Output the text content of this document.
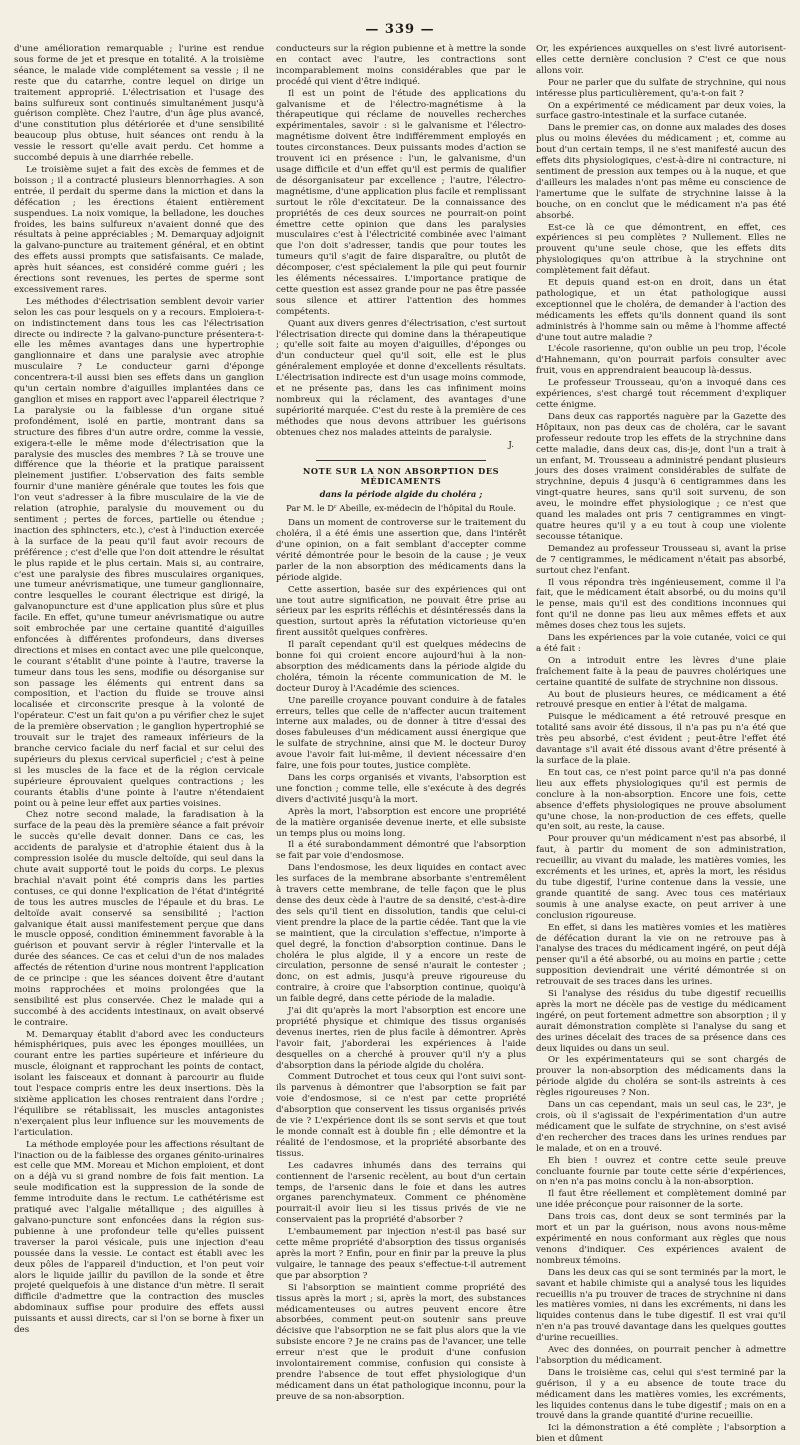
— 339 —

d'une amélioration remarquable ; l'urine est rendue sous forme de jet et presque en totalité. A la troisième séance, le malade vide complétement sa vessie ; il ne reste que du catarrhe, contre lequel on dirige un traitement approprié. L'électrisation et l'usage des bains sulfureux sont continués simultanément jusqu'à guérison complète. Chez l'autre, d'un âge plus avancé, d'une constitution plus détériorée et d'une sensibilité beaucoup plus obtuse, huit séances ont rendu à la vessie le ressort qu'elle avait perdu. Cet homme a succombé depuis à une diarrhée rebelle.

Le troisième sujet a fait des excès de femmes et de boisson ; il a contracté plusieurs blennorrhagies. A son entrée, il perdait du sperme dans la miction et dans la défécation ; les érections étaient entièrement suspendues. La noix vomique, la belladone, les douches froides, les bains sulfureux n'avaient donné que des résultats à peine appréciables ; M. Demarquay adjoignit la galvano-puncture au traitement général, et en obtint des effets aussi prompts que satisfaisants. Ce malade, après huit séances, est considéré comme guéri ; les érections sont revenues, les pertes de sperme sont excessivement rares.

Les méthodes d'électrisation semblent devoir varier selon les cas pour lesquels on y a recours. Emploiera-t-on indistinctement dans tous les cas l'électrisation directe ou indirecte ? la galvano-puncture présentera-t-elle les mêmes avantages dans une hypertrophie ganglionnaire et dans une paralysie avec atrophie musculaire ? Le conducteur garni d'éponge concentrera-t-il aussi bien ses effets dans un ganglion qu'un certain nombre d'aiguilles implantées dans ce ganglion et mises en rapport avec l'appareil électrique ? La paralysie ou la faiblesse d'un organe situé profondément, isolé en partie, montrant dans sa structure des fibres d'un autre ordre, comme la vessie, exigera-t-elle le même mode d'électrisation que la paralysie des muscles des membres ? Là se trouve une différence que la théorie et la pratique paraissent pleinement justifier. L'observation des faits semble fournir d'une manière générale que toutes les fois que l'on veut s'adresser à la fibre musculaire de la vie de relation (atrophie, paralysie du mouvement ou du sentiment ; pertes de forces, partielle ou étendue ; inaction des sphincters, etc.), c'est à l'induction exercée à la surface de la peau qu'il faut avoir recours de préférence ; c'est d'elle que l'on doit attendre le résultat le plus rapide et le plus certain. Mais si, au contraire, c'est une paralysie des fibres musculaires organiques, une tumeur anévrismatique, une tumeur ganglionnaire, contre lesquelles le courant électrique est dirigé, la galvanopuncture est d'une application plus sûre et plus facile. En effet, qu'une tumeur anévrismatique ou autre soit embrochée par une certaine quantité d'aiguilles enfoncées à différentes profondeurs, dans diverses directions et mises en contact avec une pile quelconque, le courant s'établit d'une pointe à l'autre, traverse la tumeur dans tous les sens, modifie ou désorganise sur son passage les éléments qui entrent dans sa composition, et l'action du fluide se trouve ainsi localisée et circonscrite presque à la volonté de l'opérateur. C'est un fait qu'on a pu vérifier chez le sujet de la première observation ; le ganglion hypertrophié se trouvait sur le trajet des rameaux inférieurs de la branche cervico faciale du nerf facial et sur celui des supérieurs du plexus cervical superficiel ; c'est à peine si les muscles de la face et de la région cervicale supérieure éprouvaient quelques contractions ; les courants établis d'une pointe à l'autre n'étendaient point ou à peine leur effet aux parties voisines.

Chez notre second malade, la faradisation à la surface de la peau dès la première séance a fait prévoir le succès qu'elle devait donner. Dans ce cas, les accidents de paralysie et d'atrophie étaient dus à la compression isolée du muscle deltoïde, qui seul dans la chute avait supporté tout le poids du corps. Le plexus brachial n'avait point été compris dans les parties contuses, ce qui donne l'explication de l'état d'intégrité de tous les autres muscles de l'épaule et du bras. Le deltoïde avait conservé sa sensibilité ; l'action galvanique était aussi manifestement perçue que dans le muscle opposé, condition éminemment favorable à la guérison et pouvant servir à régler l'intervalle et la durée des séances. Ce cas et celui d'un de nos malades affectés de rétention d'urine nous montrent l'application de ce principe : que les séances doivent être d'autant moins rapprochées et moins prolongées que la sensibilité est plus conservée. Chez le malade qui a succombé à des accidents intestinaux, on avait observé le contraire.

M. Demarquay établit d'abord avec les conducteurs hémisphériques, puis avec les éponges mouillées, un courant entre les parties supérieure et inférieure du muscle, éloignant et rapprochant les points de contact, isolant les faisceaux et donnant à parcourir au fluide tout l'espace compris entre les deux insertions. Dès la sixième application les choses rentraient dans l'ordre ; l'équilibre se rétablissait, les muscles antagonistes n'exerçaient plus leur influence sur les mouvements de l'articulation.

La méthode employée pour les affections résultant de l'inaction ou de la faiblesse des organes génito-urinaires est celle que MM. Moreau et Michon emploient, et dont on a déjà vu si grand nombre de fois fait mention. La seule modification est la suppression de la sonde de femme introduite dans le rectum. Le cathétérisme est pratiqué avec l'algalie métallique ; des aiguilles à galvano-puncture sont enfoncées dans la région sus-pubienne à une profondeur telle qu'elles puissent traverser la paroi vésicale, puis une injection d'eau poussée dans la vessie. Le contact est établi avec les deux pôles de l'appareil d'induction, et l'on peut voir alors le liquide jaillir du pavillon de la sonde et être projeté quelquefois à une distance d'un mètre. Il serait difficile d'admettre que la contraction des muscles abdominaux suffise pour produire des effets aussi puissants et aussi directs, car si l'on se borne à fixer un des

conducteurs sur la région pubienne et à mettre la sonde en contact avec l'autre, les contractions sont incomparablement moins considérables que par le procédé qui vient d'être indiqué.

Il est un point de l'étude des applications du galvanisme et de l'électro-magnétisme à la thérapeutique qui réclame de nouvelles recherches expérimentales, savoir : si le galvanisme et l'électro-magnétisme doivent être indifféremment employés en toutes circonstances. Deux puissants modes d'action se trouvent ici en présence : l'un, le galvanisme, d'un usage difficile et d'un effet qu'il est permis de qualifier de désorganisateur par excellence ; l'autre, l'électro-magnétisme, d'une application plus facile et remplissant surtout le rôle d'excitateur. De la connaissance des propriétés de ces deux sources ne pourrait-on point émettre cette opinion que dans les paralysies musculaires c'est à l'électricité combinée avec l'aimant que l'on doit s'adresser, tandis que pour toutes les tumeurs qu'il s'agit de faire disparaître, ou plutôt de décomposer, c'est spécialement la pile qui peut fournir les éléments nécessaires. L'importance pratique de cette question est assez grande pour ne pas être passée sous silence et attirer l'attention des hommes compétents.

Quant aux divers genres d'électrisation, c'est surtout l'électrisation directe qui domine dans la thérapeutique ; qu'elle soit faite au moyen d'aiguilles, d'éponges ou d'un conducteur quel qu'il soit, elle est le plus généralement employée et donne d'excellents résultats. L'électrisation indirecte est d'un usage moins commode, et ne présente pas, dans les cas infiniment moins nombreux qui la réclament, des avantages d'une supériorité marquée. C'est du reste à la première de ces méthodes que nous devons attribuer les guérisons obtenues chez nos malades atteints de paralysie.

J.

NOTE SUR LA NON ABSORPTION DES MÉDICAMENTS
dans la période algide du choléra ;
Par M. le Dʳ Abeille, ex-médecin de l'hôpital du Roule.

Dans un moment de controverse sur le traitement du choléra, il a été émis une assertion que, dans l'intérêt d'une opinion, on a fait semblant d'accepter comme vérité démontrée pour le besoin de la cause ; je veux parler de la non absorption des médicaments dans la période algide.

Cette assertion, basée sur des expériences qui ont une tout autre signification, ne pouvait être prise au sérieux par les esprits réfléchis et désintéressés dans la question, surtout après la réfutation victorieuse qu'en firent aussitôt quelques confrères.

Il paraît cependant qu'il est quelques médecins de bonne foi qui croient encore aujourd'hui à la non-absorption des médicaments dans la période algide du choléra, témoin la récente communication de M. le docteur Duroy à l'Académie des sciences.

Une pareille croyance pouvant conduire à de fatales erreurs, telles que celle de n'affecter aucun traitement interne aux malades, ou de donner à titre d'essai des doses fabuleuses d'un médicament aussi énergique que le sulfate de strychnine, ainsi que M. le docteur Duroy avoue l'avoir fait lui-même, il devient nécessaire d'en faire, une fois pour toutes, justice complète.

Dans les corps organisés et vivants, l'absorption est une fonction ; comme telle, elle s'exécute à des degrés divers d'activité jusqu'à la mort.

Après la mort, l'absorption est encore une propriété de la matière organisée devenue inerte, et elle subsiste un temps plus ou moins long.

Il a été surabondamment démontré que l'absorption se fait par voie d'endosmose.

Dans l'endosmose, les deux liquides en contact avec les surfaces de la membrane absorbante s'entremêlent à travers cette membrane, de telle façon que le plus dense des deux cède à l'autre de sa densité, c'est-à-dire des sels qu'il tient en dissolution, tandis que celui-ci vient prendre la place de la partie cédée. Tant que la vie se maintient, que la circulation s'effectue, n'importe à quel degré, la fonction d'absorption continue. Dans le choléra le plus algide, il y a encore un reste de circulation, personne de sensé n'aurait le contester ; donc, on est admis, jusqu'à preuve rigoureuse du contraire, à croire que l'absorption continue, quoiqu'à un faible degré, dans cette période de la maladie.

J'ai dit qu'après la mort l'absorption est encore une propriété physique et chimique des tissus organisés devenus inertes, rien de plus facile à démontrer. Après l'avoir fait, j'aborderai les expériences à l'aide desquelles on a cherché à prouver qu'il n'y a plus d'absorption dans la période algide du choléra.

Comment Dutrochet et tous ceux qui l'ont suivi sont-ils parvenus à démontrer que l'absorption se fait par voie d'endosmose, si ce n'est par cette propriété d'absorption que conservent les tissus organisés privés de vie ? L'expérience dont ils se sont servis et que tout le monde connaît est à double fin ; elle démontre et la réalité de l'endosmose, et la propriété absorbante des tissus.

Les cadavres inhumés dans des terrains qui contiennent de l'arsenic recèlent, au bout d'un certain temps, de l'arsenic dans le foie et dans les autres organes parenchymateux. Comment ce phénomène pourrait-il avoir lieu si les tissus privés de vie ne conservaient pas la propriété d'absorber ?

L'embaumement par injection n'est-il pas basé sur cette même propriété d'absorption des tissus organisés après la mort ? Enfin, pour en finir par la preuve la plus vulgaire, le tannage des peaux s'effectue-t-il autrement que par absorption ?

Si l'absorption se maintient comme propriété des tissus après la mort ; si, après la mort, des substances médicamenteuses ou autres peuvent encore être absorbées, comment peut-on soutenir sans preuve décisive que l'absorption ne se fait plus alors que la vie subsiste encore ? Je ne crains pas de l'avancer, une telle erreur n'est que le produit d'une confusion involontairement commise, confusion qui consiste à prendre l'absence de tout effet physiologique d'un médicament dans un état pathologique inconnu, pour la preuve de sa non-absorption.

Or, les expériences auxquelles on s'est livré autorisent-elles cette dernière conclusion ? C'est ce que nous allons voir.

Pour ne parler que du sulfate de strychnine, qui nous intéresse plus particulièrement, qu'a-t-on fait ?

On a expérimenté ce médicament par deux voies, la surface gastro-intestinale et la surface cutanée.

Dans le premier cas, on donne aux malades des doses plus ou moins élevées du médicament ; et, comme au bout d'un certain temps, il ne s'est manifesté aucun des effets dits physiologiques, c'est-à-dire ni contracture, ni sentiment de pression aux tempes ou à la nuque, et que d'ailleurs les malades n'ont pas même eu conscience de l'amertume que le sulfate de strychnine laisse à la bouche, on en conclut que le médicament n'a pas été absorbé.

Est-ce là ce que démontrent, en effet, ces expériences si peu complètes ? Nullement. Elles ne prouvent qu'une seule chose, que les effets dits physiologiques qu'on attribue à la strychnine ont complètement fait défaut.

Et depuis quand est-on en droit, dans un état pathologique, et un état pathologique aussi exceptionnel que le choléra, de demander à l'action des médicaments les effets qu'ils donnent quand ils sont administrés à l'homme sain ou même à l'homme affecté d'une tout autre maladie ?

L'école rasorienne, qu'on oublie un peu trop, l'école d'Hahnemann, qu'on pourrait parfois consulter avec fruit, vous en apprendraient beaucoup là-dessus.

Le professeur Trousseau, qu'on a invoqué dans ces expériences, s'est chargé tout récemment d'expliquer cette énigme.

Dans deux cas rapportés naguère par la Gazette des Hôpitaux, non pas deux cas de choléra, car le savant professeur redoute trop les effets de la strychnine dans cette maladie, dans deux cas, dis-je, dont l'un a trait à un enfant, M. Trousseau a administré pendant plusieurs jours des doses vraiment considérables de sulfate de strychnine, depuis 4 jusqu'à 6 centigrammes dans les vingt-quatre heures, sans qu'il soit survenu, de son aveu, le moindre effet physiologique ; ce n'est que quand les malades ont pris 7 centigrammes en vingt-quatre heures qu'il y a eu tout à coup une violente secousse tétanique.

Demandez au professeur Trousseau si, avant la prise de 7 centigrammes, le médicament n'était pas absorbé, surtout chez l'enfant.

Il vous répondra très ingénieusement, comme il l'a fait, que le médicament était absorbé, ou du moins qu'il le pense, mais qu'il est des conditions inconnues qui font qu'il ne donne pas lieu aux mêmes effets et aux mêmes doses chez tous les sujets.

Dans les expériences par la voie cutanée, voici ce qui a été fait :

On a introduit entre les lèvres d'une plaie fraîchement faite à la peau de pauvres cholériques une certaine quantité de sulfate de strychnine non dissous.

Au bout de plusieurs heures, ce médicament a été retrouvé presque en entier à l'état de malgama.

Puisque le médicament a été retrouvé presque en totalité sans avoir été dissous, il n'a pas pu n'a été que très peu absorbé, c'est évident ; peut-être l'effet été davantage s'il avait été dissous avant d'être présenté à la surface de la plaie.

En tout cas, ce n'est point parce qu'il n'a pas donné lieu aux effets physiologiques qu'il est permis de conclure à la non-absorption. Encore une fois, cette absence d'effets physiologiques ne prouve absolument qu'une chose, la non-production de ces effets, quelle qu'en soit, au reste, la cause.

Pour prouver qu'un médicament n'est pas absorbé, il faut, à partir du moment de son administration, recueillir, au vivant du malade, les matières vomies, les excréments et les urines, et, après la mort, les résidus du tube digestif, l'urine contenue dans la vessie, une grande quantité de sang. Avec tous ces matériaux soumis à une analyse exacte, on peut arriver à une conclusion rigoureuse.

En effet, si dans les matières vomies et les matières de défécation durant la vie on ne retrouve pas à l'analyse des traces du médicament ingéré, on peut déjà penser qu'il a été absorbé, ou au moins en partie ; cette supposition deviendrait une vérité démontrée si on retrouvait de ses traces dans les urines.

Si l'analyse des résidus du tube digestif recueillis après la mort ne décèle pas de vestige du médicament ingéré, on peut fortement admettre son absorption ; il y aurait démonstration complète si l'analyse du sang et des urines décelait des traces de sa présence dans ces deux liquides ou dans un seul.

Or les expérimentateurs qui se sont chargés de prouver la non-absorption des médicaments dans la période algide du choléra se sont-ils astreints à ces règles rigoureuses ? Non.

Dans un cas cependant, mais un seul cas, le 23ᵉ, je crois, où il s'agissait de l'expérimentation d'un autre médicament que le sulfate de strychnine, on s'est avisé d'en rechercher des traces dans les urines rendues par le malade, et on en a trouvé.

Eh bien ! ouvrez et contre cette seule preuve concluante fournie par toute cette série d'expériences, on n'en n'a pas moins conclu à la non-absorption.

Il faut être réellement et complètement dominé par une idée préconçue pour raisonner de la sorte.

Dans trois cas, dont deux se sont terminés par la mort et un par la guérison, nous avons nous-même expérimenté en nous conformant aux règles que nous venons d'indiquer. Ces expériences avaient de nombreux témoins.

Dans les deux cas qui se sont terminés par la mort, le savant et habile chimiste qui a analysé tous les liquides recueillis n'a pu trouver de traces de strychnine ni dans les matières vomies, ni dans les excréments, ni dans les liquides contenus dans le tube digestif. Il est vrai qu'il n'en n'a pas trouvé davantage dans les quelques gouttes d'urine recueillies.

Avec des données, on pourrait pencher à admettre l'absorption du médicament.

Dans le troisième cas, celui qui s'est terminé par la guérison, il y a eu absence de toute trace du médicament dans les matières vomies, les excréments, les liquides contenus dans le tube digestif ; mais on en a trouvé dans la grande quantité d'urine recueillie.

Ici la démonstration a été complète ; l'absorption a bien et dûment
